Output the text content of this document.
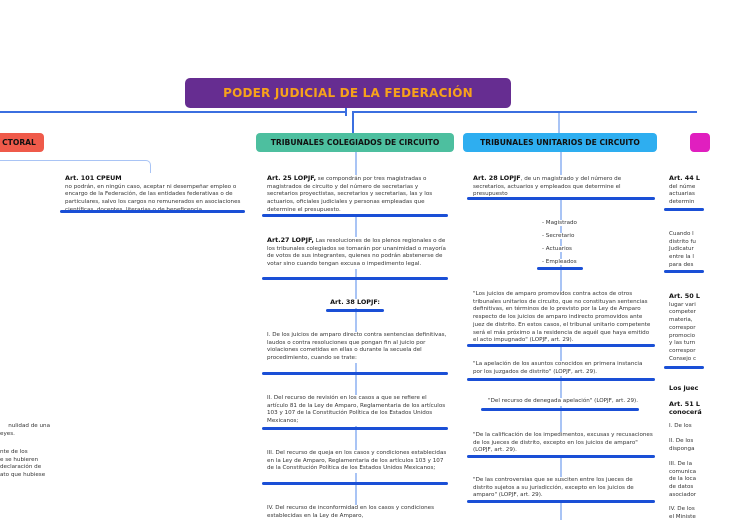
PODER JUDICIAL DE LA FEDERACIÓN
CTORAL	TRIBUNALES COLEGIADOS DE CIRCUITO	TRIBUNALES UNITARIOS DE CIRCUITO
Art. 101 CPEUM
no podrán, en ningún caso, aceptar ni desempeñar empleo o encargo de la Federación, de las entidades federativas o de particulares, salvo los cargos no remunerados en asociaciones
nulidad de una
eyes.
nte de los
e se hubieren
declaración de
ato que hubiese
Art. 25 LOPJF, se compondrán por tres magistradas o magistrados de circuito y del número de secretarias y secretarios proyectistas, secretarios y secretarias, las y los actuarios, oficiales judiciales y personas empleadas que determine el presupuesto.
Art.27 LOPJF, Las resoluciones de los plenos regionales o de los tribunales colegiados se tomarán por unanimidad o mayoría de votos de sus integrantes, quienes no podrán abstenerse de votar sino cuando tengan excusa o impedimento legal.
Art. 38 LOPJF:
I. De los juicios de amparo directo contra sentencias definitivas, laudos o contra resoluciones que pongan fin al juicio por violaciones cometidas en ellas o durante la secuela del procedimiento, cuando se trate:
II. Del recurso de revisión en los casos a que se refiere el artículo 81 de la Ley de Amparo, Reglamentaria de los artículos 103 y 107 de la Constitución Política de los Estados Unidos Mexicanos;
III. Del recurso de queja en los casos y condiciones establecidas en la Ley de Amparo, Reglamentaria de los artículos 103 y 107 de la Constitución Política de los Estados Unidos Mexicanos;
IV. Del recurso de inconformidad en los casos y condiciones establecidas en la Ley de Amparo,
Art. 28 LOPJF, de un magistrado y del número de secretarios, actuarios y empleados que determine el presupuesto
- Magistrado
- Secretario
- Actuarios
- Empleados
"Los juicios de amparo promovidos contra actos de otros tribunales unitarios de circuito, que no constituyan sentencias definitivas, en términos de lo previsto por la Ley de Amparo respecto de los juicios de amparo indirecto promovidos ante juez de distrito. En estos casos, el tribunal unitario competente será el más próximo a la residencia de aquél que haya emitido el acto impugnado" (LOPJF, art. 29).
"La apelación de los asuntos conocidos en primera instancia por los juzgados de distrito" (LOPJF, art. 29).
"Del recurso de denegada apelación" (LOPJF, art. 29).
"De la calificación de los impedimentos, excusas y recusaciones de los jueces de distrito, excepto en los juicios de amparo" (LOPJF, art. 29).
"De las controversias que se susciten entre los jueces de distrito sujetos a su jurisdicción, excepto en los juicios de amparo" (LOPJF, art. 29).
Art. 44 L
del núme
actuarias
determin
Cuando l
distrito fu
Judicatur
entre la l
para des
Art. 50 L
lugar vari
competer
materia,
correspor
promocio
y las turn
correspor
Consejo c
Los juec
Art. 51 L
conocerá
I. De los
II. De los
disponga
III. De la
comunica
de la loca
de datos
asociador
IV. De los
el Ministe
